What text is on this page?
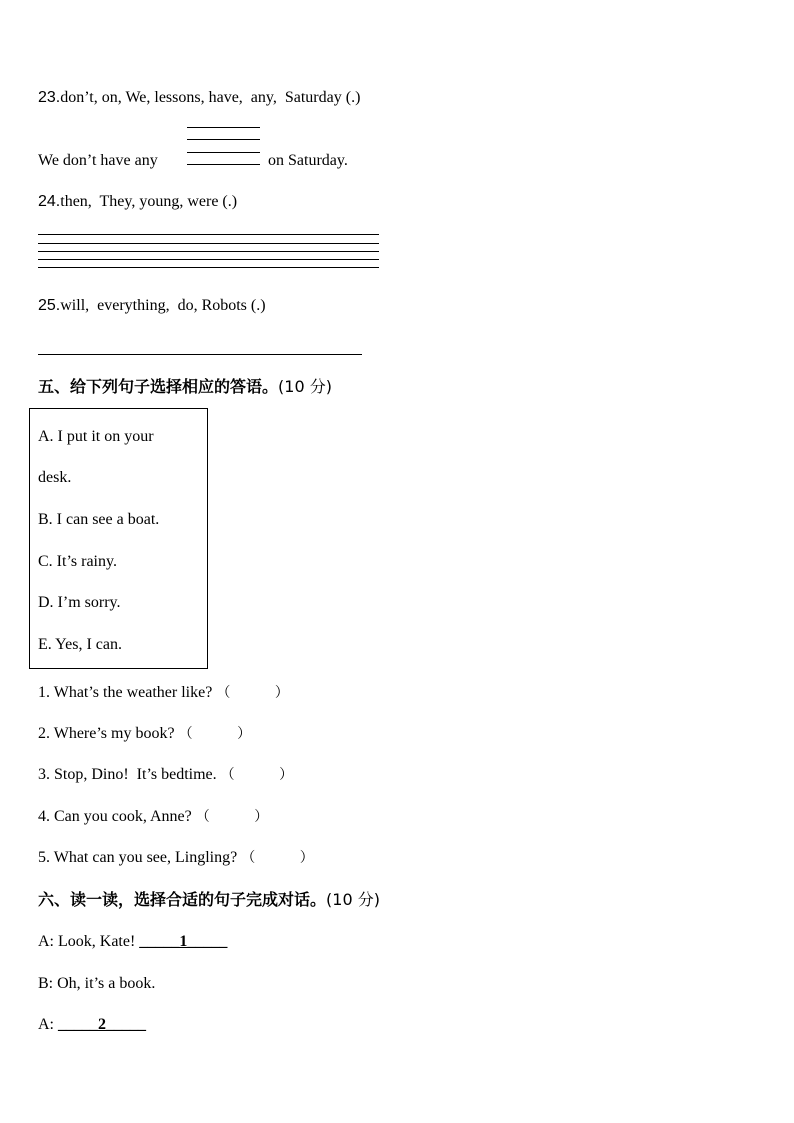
23.don’t, on, We, lessons, have,  any,  Saturday (.)
We don’t have any	on Saturday.
24.then,  They, young, were (.)
25.will,  everything,  do, Robots (.)
五、给下列句子选择相应的答语。(10 分)
A. I put it on your
desk.
B. I can see a boat.
C. It’s rainy.
D. I’m sorry.
E. Yes, I can.
1. What’s the weather like? （          ）
2. Where’s my book? （          ）
3. Stop, Dino!  It’s bedtime. （          ）
4. Can you cook, Anne? （          ）
5. What can you see, Lingling? （          ）
六、读一读，选择合适的句子完成对话。(10 分)
A: Look, Kate! _____1_____
B: Oh, it’s a book.
A: _____2_____
